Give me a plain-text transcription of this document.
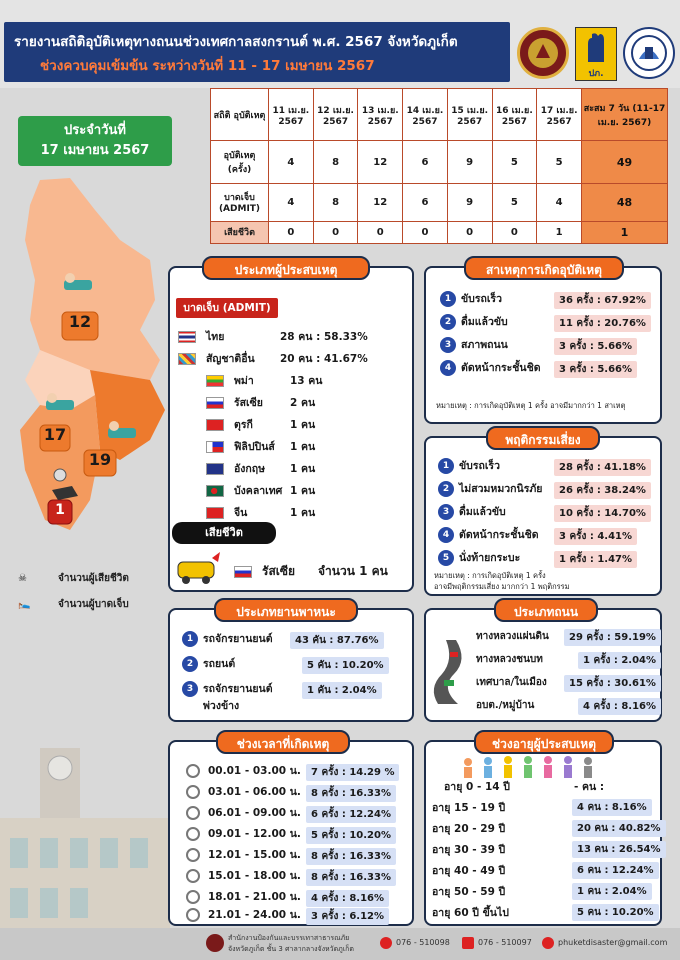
รายงานสถิติอุบัติเหตุทางถนนช่วงเทศกาลสงกรานต์ พ.ศ. 2567 จังหวัดภูเก็ต
ช่วงควบคุมเข้มข้น ระหว่างวันที่ 11 - 17 เมษายน 2567	ปภ.
ประจำวันที่
17 เมษายน 2567
12
17
19
1
☠	จำนวนผู้เสียชีวิต
🛌	จำนวนผู้บาดเจ็บ
สถิติ อุบัติเหตุ	11 เม.ย. 2567	12 เม.ย. 2567	13 เม.ย. 2567	14 เม.ย. 2567	15 เม.ย. 2567	16 เม.ย. 2567	17 เม.ย. 2567	สะสม 7 วัน (11-17 เม.ย. 2567)
อุบัติเหตุ (ครั้ง)	4	8	12	6	9	5	5	49
บาดเจ็บ (ADMIT)	4	8	12	6	9	5	4	48
เสียชีวิต	0	0	0	0	0	0	1	1
ประเภทผู้ประสบเหตุ
บาดเจ็บ (ADMIT)
ไทย	28 คน : 58.33%
สัญชาติอื่น 20 คน : 41.67%
พม่า	13 คน
รัสเซีย	2 คน
ตุรกี	1 คน
ฟิลิปปินส์ 1 คน
อังกฤษ 1 คน
บังคลาเทศ 1 คน
จีน	1 คน
เสียชีวิต
รัสเซีย จำนวน 1 คน
สาเหตุการเกิดอุบัติเหตุ
1 ขับรถเร็ว	36 ครั้ง : 67.92%
2 ดื่มแล้วขับ	11 ครั้ง : 20.76%
3 สภาพถนน	3 ครั้ง : 5.66%
4 ตัดหน้ากระชั้นชิด	3 ครั้ง : 5.66%
หมายเหตุ : การเกิดอุบัติเหตุ 1 ครั้ง อาจมีมากกว่า 1 สาเหตุ
พฤติกรรมเสี่ยง
1 ขับรถเร็ว	28 ครั้ง : 41.18%
2 ไม่สวมหมวกนิรภัย	26 ครั้ง : 38.24%
3 ดื่มแล้วขับ	10 ครั้ง : 14.70%
4 ตัดหน้ากระชั้นชิด	3 ครั้ง : 4.41%
5 นั่งท้ายกระบะ	1 ครั้ง : 1.47%
หมายเหตุ : การเกิดอุบัติเหตุ 1 ครั้ง
อาจมีพฤติกรรมเสี่ยง มากกว่า 1 พฤติกรรม
ประเภทยานพาหนะ
1 รถจักรยานยนต์	43 คัน : 87.76%
2 รถยนต์	5 คัน : 10.20%
3 รถจักรยานยนต์
พ่วงข้าง
1 คัน : 2.04%
ประเภทถนน
ทางหลวงแผ่นดิน	29 ครั้ง : 59.19%
ทางหลวงชนบท	1 ครั้ง : 2.04%
เทศบาล/ในเมือง	15 ครั้ง : 30.61%
อบต./หมู่บ้าน	4 ครั้ง : 8.16%
ช่วงเวลาที่เกิดเหตุ
00.01 - 03.00 น.	7 ครั้ง : 14.29 %
03.01 - 06.00 น.	8 ครั้ง : 16.33%
06.01 - 09.00 น.	6 ครั้ง : 12.24%
09.01 - 12.00 น.	5 ครั้ง : 10.20%
12.01 - 15.00 น.	8 ครั้ง : 16.33%
15.01 - 18.00 น.	8 ครั้ง : 16.33%
18.01 - 21.00 น.	4 ครั้ง : 8.16%
21.01 - 24.00 น.	3 ครั้ง : 6.12%
ช่วงอายุผู้ประสบเหตุ
อายุ 0 - 14 ปี	- คน :
อายุ 15 - 19 ปี	4 คน : 8.16%
อายุ 20 - 29 ปี	20 คน : 40.82%
อายุ 30 - 39 ปี	13 คน : 26.54%
อายุ 40 - 49 ปี	6 คน : 12.24%
อายุ 50 - 59 ปี	1 คน : 2.04%
อายุ 60 ปี ขึ้นไป	5 คน : 10.20%
สำนักงานป้องกันและบรรเทาสาธารณภัย
จังหวัดภูเก็ต ชั้น 3 ศาลากลางจังหวัดภูเก็ต
076 - 510098	076 - 510097	phuketdisaster@gmail.com
